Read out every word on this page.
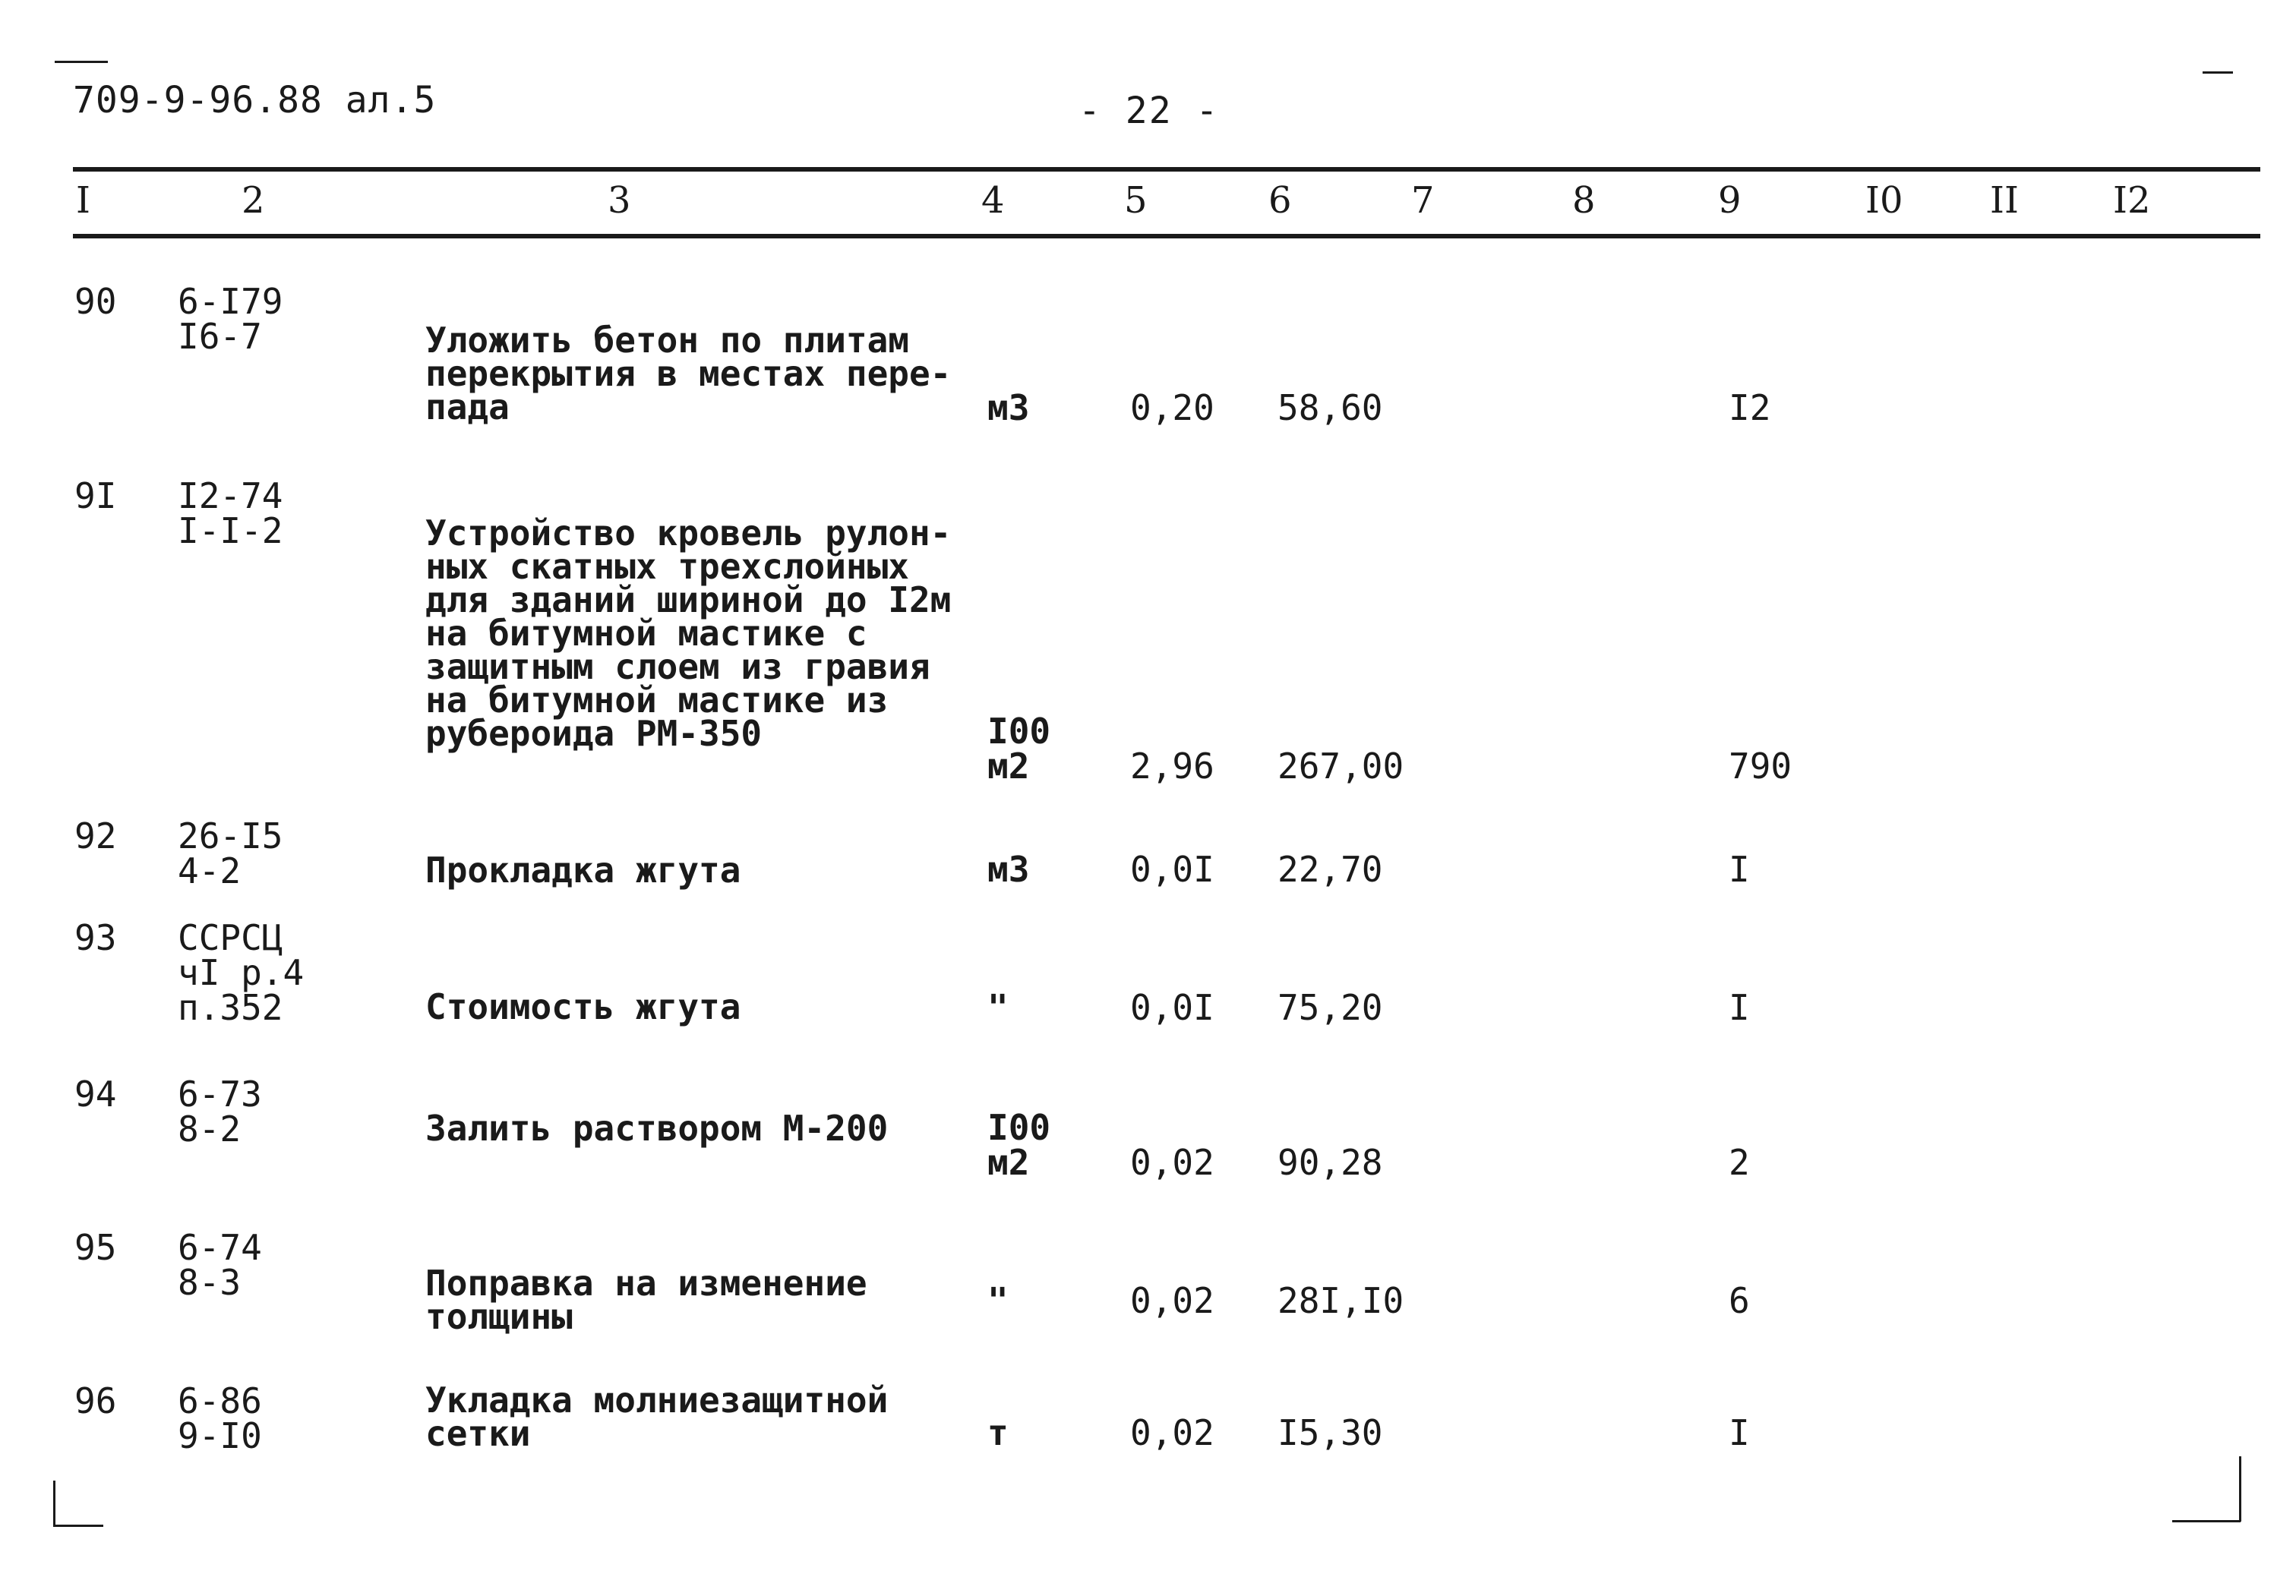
709-9-96.88 ал.5	- 22 -
I	2	3	4	5	6	7	8	9	I0 II	I2
90 6-I79
I6-7	Уложить бетон по плитам
перекрытия в местах пере-
пада	м3	0,20 58,60	I2
9I I2-74
I-I-2	Устройство кровель рулон-
ных скатных трехслойных
для зданий шириной до I2м
на битумной мастике с
защитным слоем из гравия
на битумной мастике из
рубероида РМ-350	I00
м2	2,96 267,00	790
92 26-I5
4-2	Прокладка жгута	м3	0,0I 22,70	I
93 ССРСЦ
чI р.4
п.352	Стоимость жгута	"	0,0I 75,20	I
94 6-73
8-2	Залить раствором М-200	I00
м2	0,02 90,28	2
95 6-74
8-3	Поправка на изменение
толщины	"	0,02 28I,I0	6
96 6-86
9-I0
Укладка молниезащитной
сетки	т	0,02 I5,30	I
